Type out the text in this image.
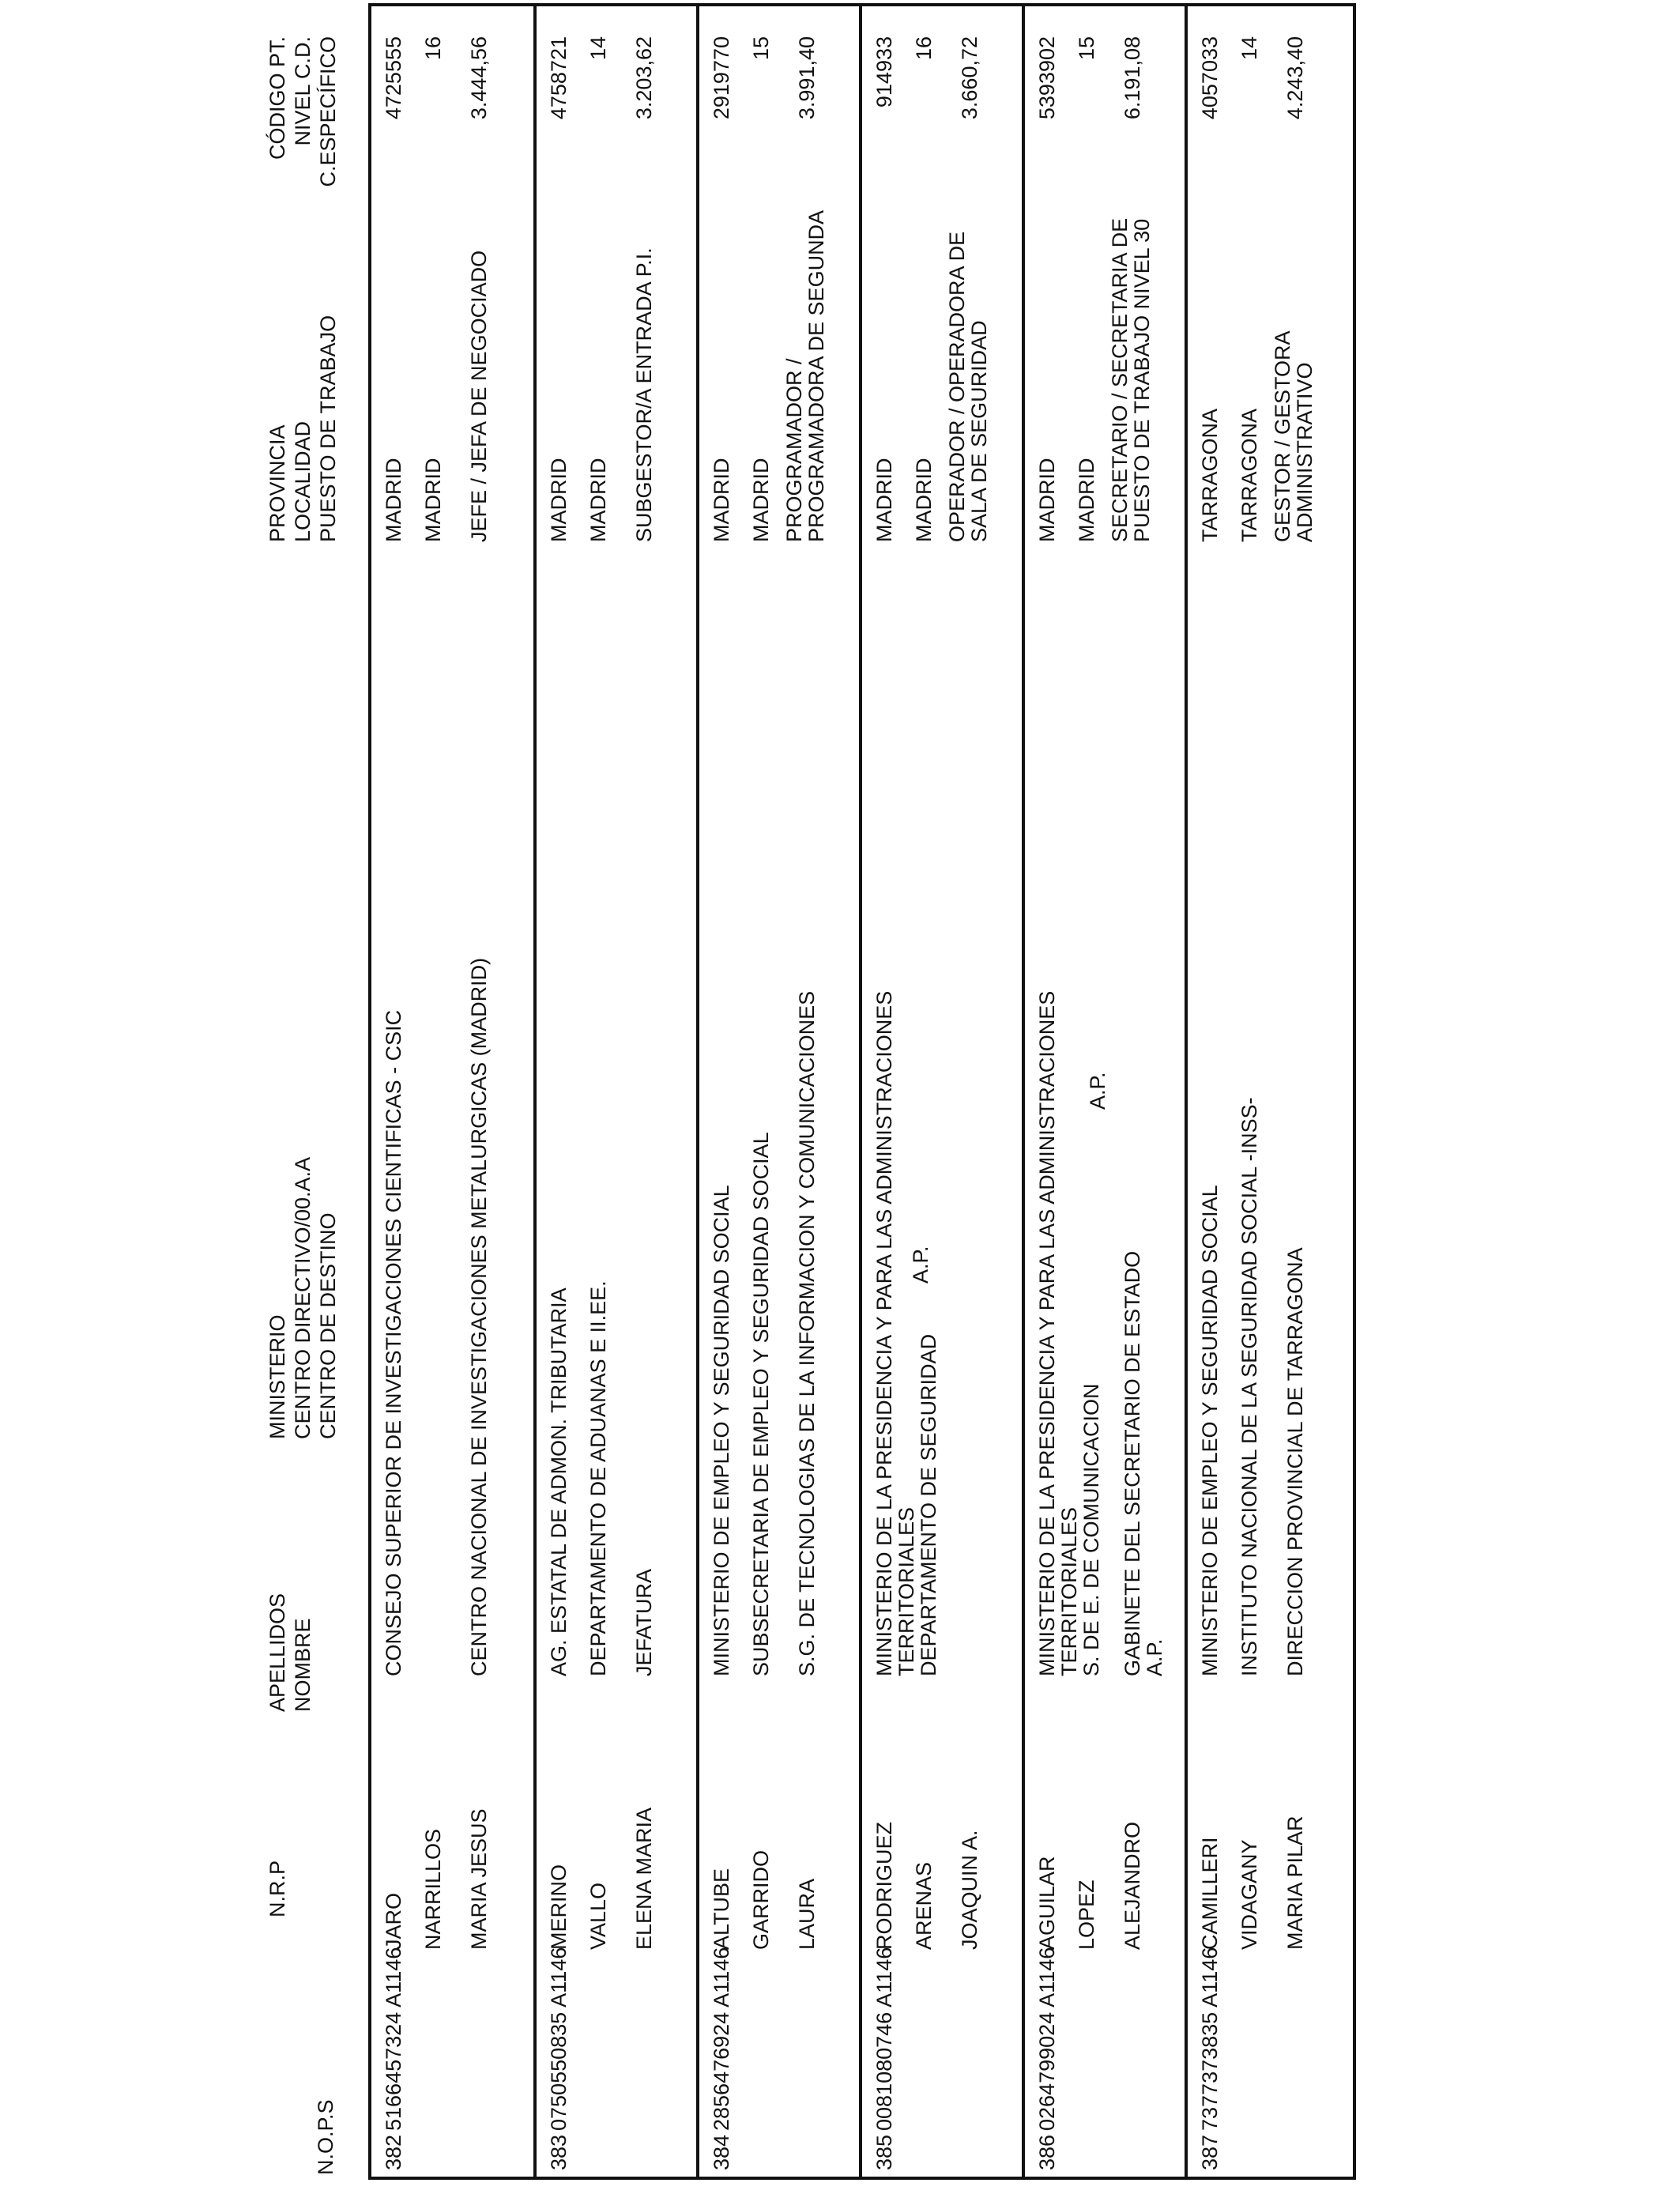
N.O.P.S
N.R.P
APELLIDOS NOMBRE
MINISTERIO CENTRO DIRECTIVO/00.A.A CENTRO DE DESTINO
PROVINCIA LOCALIDAD PUESTO DE TRABAJO
CÓDIGO PT. NIVEL C.D. C.ESPECÍFICO
382
5166457324 A1146
JARO NARRILLOS MARIA JESUS
CONSEJO SUPERIOR DE INVESTIGACIONES CIENTIFICAS - CSIC	CENTRO NACIONAL DE INVESTIGACIONES METALURGICAS (MADRID)
MADRID MADRID JEFE / JEFA DE NEGOCIADO
4725555 16 3.444,56
383
0750550835 A1146
MERINO VALLO ELENA MARIA
AG. ESTATAL DE ADMON. TRIBUTARIA DEPARTAMENTO DE ADUANAS E II.EE. JEFATURA
MADRID MADRID SUBGESTOR/A ENTRADA P.I.
4758721 14 3.203,62
384
2856476924 A1146
ALTUBE GARRIDO LAURA
MINISTERIO DE EMPLEO Y SEGURIDAD SOCIAL SUBSECRETARIA DE EMPLEO Y SEGURIDAD SOCIAL S.G. DE TECNOLOGIAS DE LA INFORMACION Y COMUNICACIONES
MADRID MADRID PROGRAMADOR /
PROGRAMADORA DE SEGUNDA
2919770 15 3.991,40
385
0081080746 A1146
RODRIGUEZ ARENAS JOAQUIN A.
MINISTERIO DE LA PRESIDENCIA Y PARA LAS ADMINISTRACIONES
TERRITORIALES
DEPARTAMENTO DE SEGURIDAD
A.P.
MADRID MADRID OPERADOR / OPERADORA DE
SALA DE SEGURIDAD
914933 16 3.660,72
386
0264799024 A1146
AGUILAR LOPEZ ALEJANDRO
MINISTERIO DE LA PRESIDENCIA Y PARA LAS ADMINISTRACIONES
TERRITORIALES
S. DE E. DE COMUNICACION
A.P.
GABINETE DEL SECRETARIO DE ESTADO
A.P.
MADRID MADRID SECRETARIO / SECRETARIA DE
PUESTO DE TRABAJO NIVEL 30
5393902 15 6.191,08
387
7377373835 A1146
CAMILLERI VIDAGANY MARIA PILAR
MINISTERIO DE EMPLEO Y SEGURIDAD SOCIAL INSTITUTO NACIONAL DE LA SEGURIDAD SOCIAL -INSS- DIRECCION PROVINCIAL DE TARRAGONA
TARRAGONA TARRAGONA GESTOR / GESTORA
ADMINISTRATIVO
4057033 14 4.243,40
